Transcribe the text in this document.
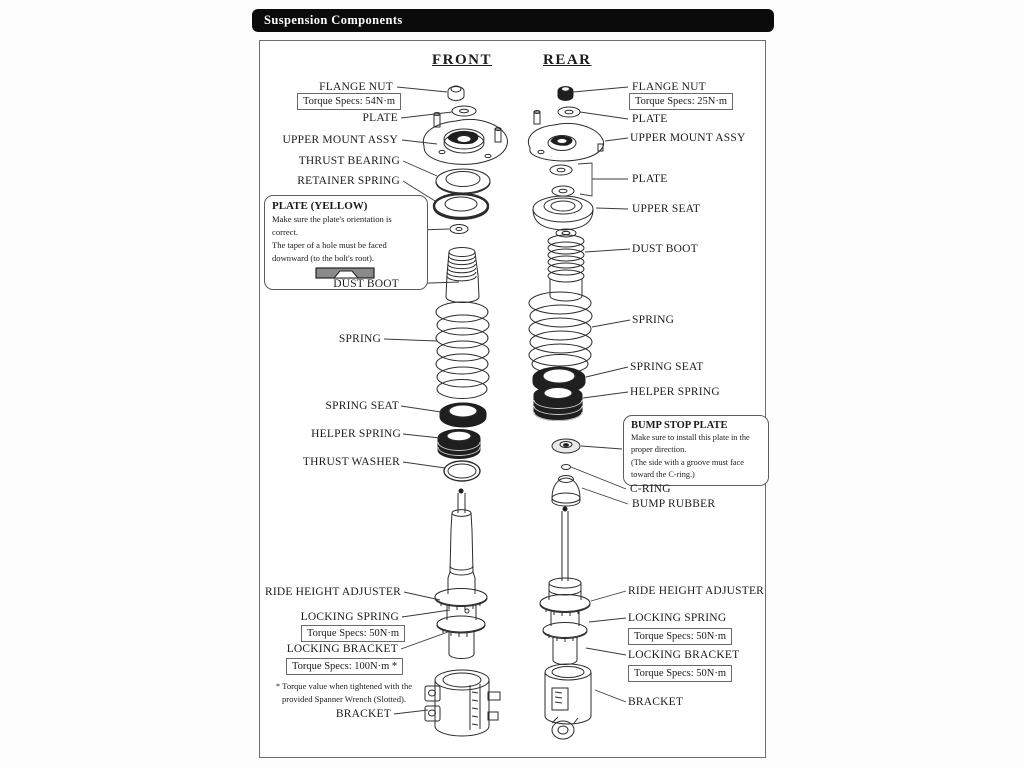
Suspension Components
FRONT	REAR
FLANGE NUT
Torque Specs: 54N·m
PLATE
UPPER MOUNT ASSY
THRUST BEARING
RETAINER SPRING
PLATE (YELLOW)
Make sure the plate's orientation is
correct.
The taper of a hole must be faced
downward (to the bolt's root).
DUST BOOT
SPRING
SPRING SEAT
HELPER SPRING
THRUST WASHER
RIDE HEIGHT ADJUSTER
LOCKING SPRING
Torque Specs: 50N·m
LOCKING BRACKET
Torque Specs: 100N·m *
* Torque value when tightened with the
provided Spanner Wrench (Slotted).
BRACKET
FLANGE NUT
Torque Specs: 25N·m
PLATE
UPPER MOUNT ASSY
PLATE
UPPER SEAT
DUST BOOT
SPRING
SPRING SEAT
HELPER SPRING
BUMP STOP PLATE
Make sure to install this plate in the
proper direction.
(The side with a groove must face
toward the C-ring.)
C-RING
BUMP RUBBER
RIDE HEIGHT ADJUSTER
LOCKING SPRING
Torque Specs: 50N·m
LOCKING BRACKET
Torque Specs: 50N·m
BRACKET
